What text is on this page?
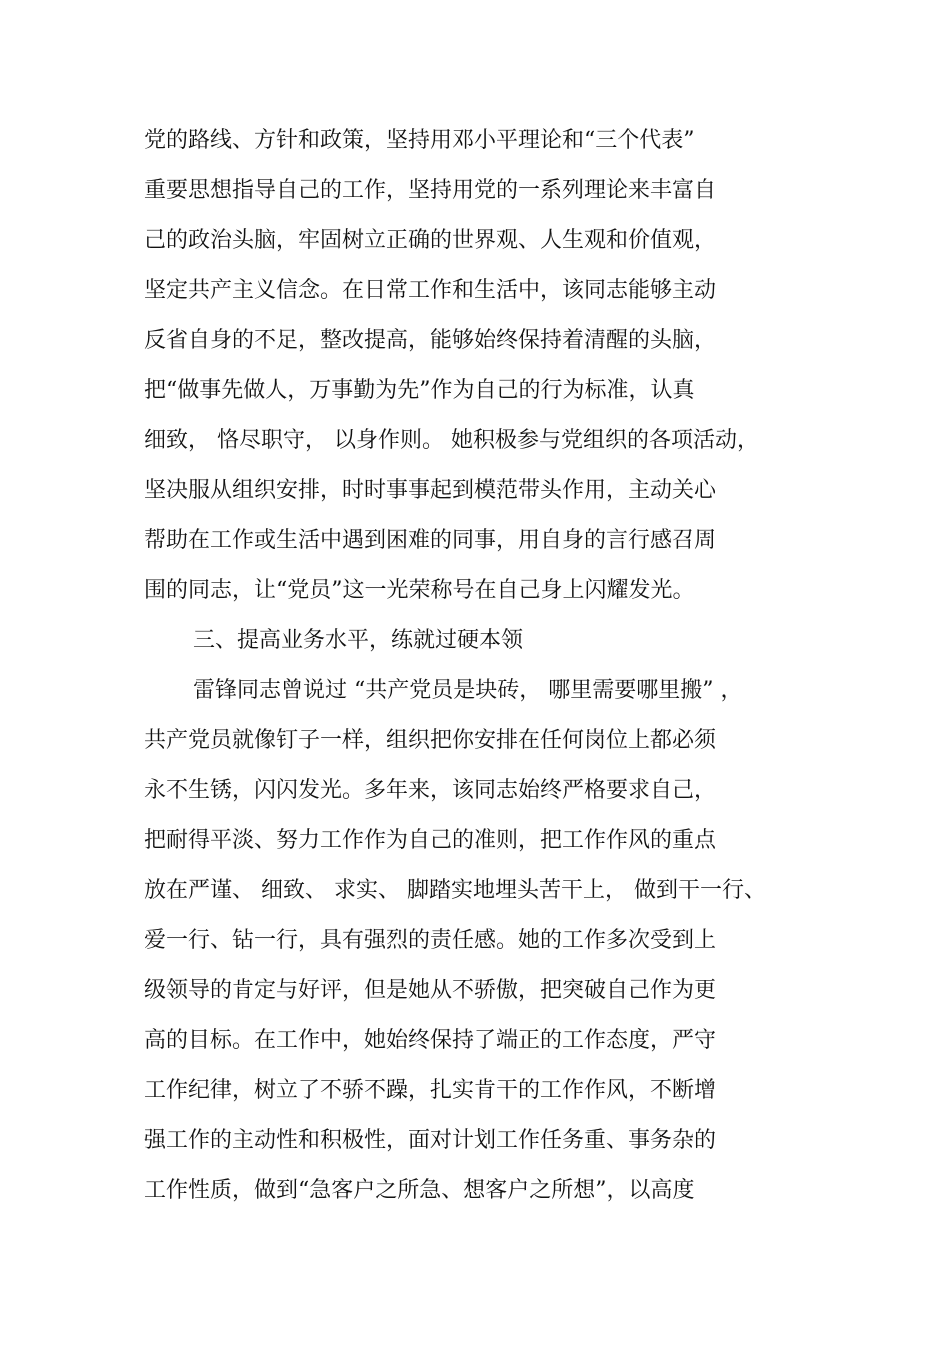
党的路线、方针和政策，坚持用邓小平理论和“三个代表”
重要思想指导自己的工作，坚持用党的一系列理论来丰富自
己的政治头脑，牢固树立正确的世界观、人生观和价值观，
坚定共产主义信念。在日常工作和生活中，该同志能够主动
反省自身的不足，整改提高，能够始终保持着清醒的头脑，
把“做事先做人，万事勤为先”作为自己的行为标准，认真
细致， 恪尽职守， 以身作则。 她积极参与党组织的各项活动，
坚决服从组织安排，时时事事起到模范带头作用，主动关心
帮助在工作或生活中遇到困难的同事，用自身的言行感召周
围的同志，让“党员”这一光荣称号在自己身上闪耀发光。
三、提高业务水平，练就过硬本领
雷锋同志曾说过 “共产党员是块砖， 哪里需要哪里搬” ，
共产党员就像钉子一样，组织把你安排在任何岗位上都必须
永不生锈，闪闪发光。多年来，该同志始终严格要求自己，
把耐得平淡、努力工作作为自己的准则，把工作作风的重点
放在严谨、 细致、 求实、 脚踏实地埋头苦干上， 做到干一行、
爱一行、钻一行，具有强烈的责任感。她的工作多次受到上
级领导的肯定与好评，但是她从不骄傲，把突破自己作为更
高的目标。在工作中，她始终保持了端正的工作态度，严守
工作纪律，树立了不骄不躁，扎实肯干的工作作风，不断增
强工作的主动性和积极性，面对计划工作任务重、事务杂的
工作性质，做到“急客户之所急、想客户之所想”，以高度
